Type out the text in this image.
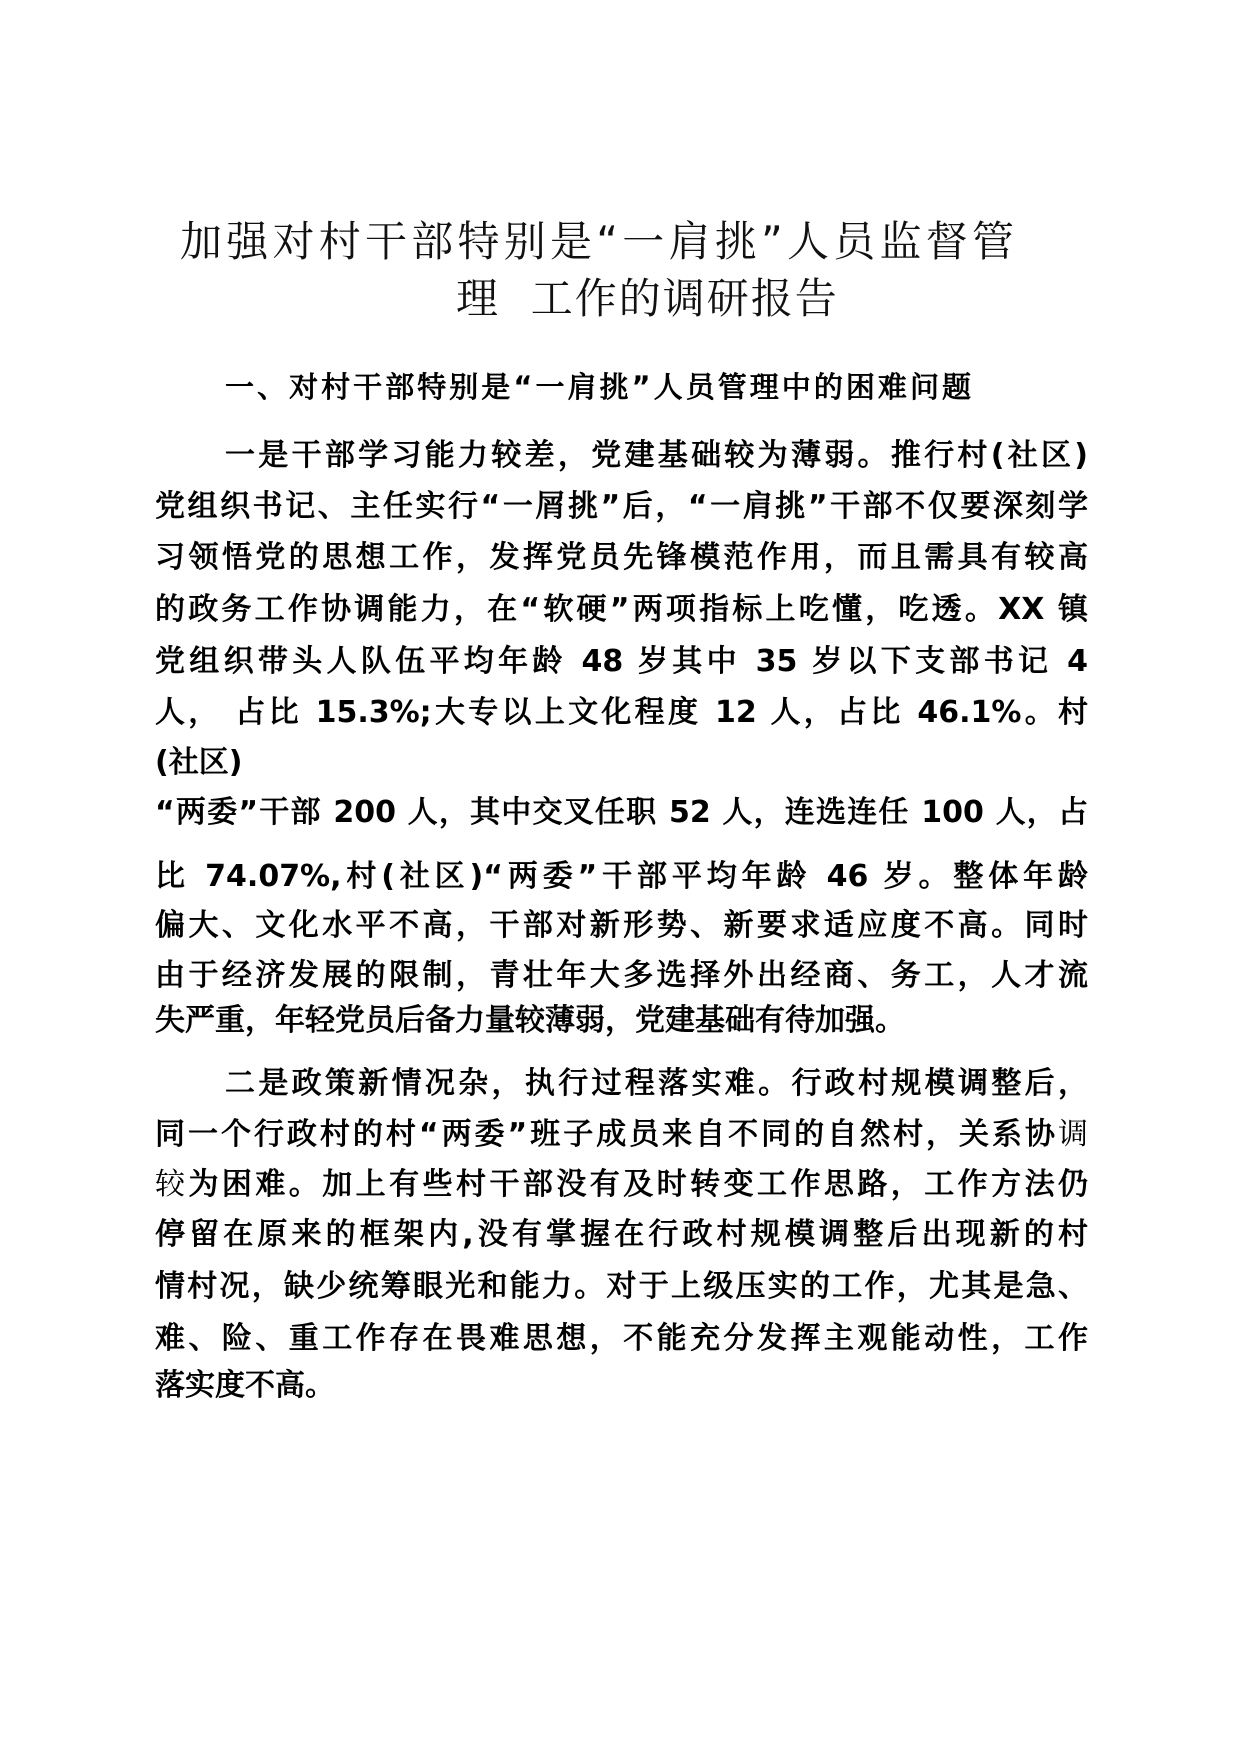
加强对村干部特别是“一肩挑”人员监督管
理  工作的调研报告
一、对村干部特别是“一肩挑”人员管理中的困难问题
一是干部学习能力较差，党建基础较为薄弱。推行村(社区)
党组织书记、主任实行“一屑挑”后，“一肩挑”干部不仅要深刻学
习领悟党的思想工作，发挥党员先锋模范作用，而且需具有较高
的政务工作协调能力，在“软硬”两项指标上吃懂，吃透。XX 镇
党组织带头人队伍平均年龄 48 岁其中 35 岁以下支部书记 4
人， 占比 15.3%;大专以上文化程度 12 人，占比 46.1%。村
(社区)
“两委”干部 200 人，其中交叉任职 52 人，连选连任 100 人，占
比 74.07%,村(社区)“两委”干部平均年龄 46 岁。整体年龄
偏大、文化水平不高，干部对新形势、新要求适应度不高。同时
由于经济发展的限制，青壮年大多选择外出经商、务工，人才流
失严重，年轻党员后备力量较薄弱，党建基础有待加强。
二是政策新情况杂，执行过程落实难。行政村规模调整后，
同一个行政村的村“两委”班子成员来自不同的自然村，关系协调
较为困难。加上有些村干部没有及时转变工作思路，工作方法仍
停留在原来的框架内,没有掌握在行政村规模调整后出现新的村
情村况，缺少统筹眼光和能力。对于上级压实的工作，尤其是急、
难、险、重工作存在畏难思想，不能充分发挥主观能动性，工作
落实度不高。
